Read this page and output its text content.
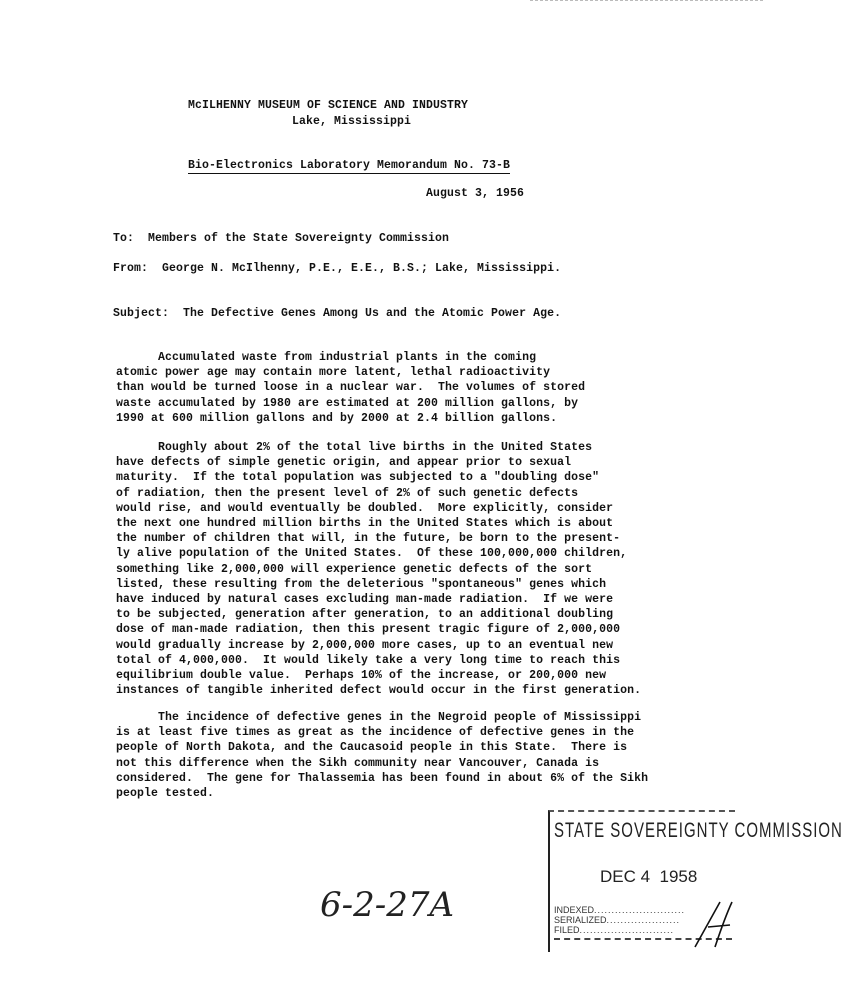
McILHENNY MUSEUM OF SCIENCE AND INDUSTRY
Lake, Mississippi
Bio-Electronics Laboratory Memorandum No. 73-B
August 3, 1956
To:  Members of the State Sovereignty Commission
From:  George N. McIlhenny, P.E., E.E., B.S.; Lake, Mississippi.
Subject:  The Defective Genes Among Us and the Atomic Power Age.
Accumulated waste from industrial plants in the coming
atomic power age may contain more latent, lethal radioactivity
than would be turned loose in a nuclear war.  The volumes of stored
waste accumulated by 1980 are estimated at 200 million gallons, by
1990 at 600 million gallons and by 2000 at 2.4 billion gallons.
Roughly about 2% of the total live births in the United States
have defects of simple genetic origin, and appear prior to sexual
maturity.  If the total population was subjected to a "doubling dose"
of radiation, then the present level of 2% of such genetic defects
would rise, and would eventually be doubled.  More explicitly, consider
the next one hundred million births in the United States which is about
the number of children that will, in the future, be born to the present-
ly alive population of the United States.  Of these 100,000,000 children,
something like 2,000,000 will experience genetic defects of the sort
listed, these resulting from the deleterious "spontaneous" genes which
have induced by natural cases excluding man-made radiation.  If we were
to be subjected, generation after generation, to an additional doubling
dose of man-made radiation, then this present tragic figure of 2,000,000
would gradually increase by 2,000,000 more cases, up to an eventual new
total of 4,000,000.  It would likely take a very long time to reach this
equilibrium double value.  Perhaps 10% of the increase, or 200,000 new
instances of tangible inherited defect would occur in the first generation.
The incidence of defective genes in the Negroid people of Mississippi
is at least five times as great as the incidence of defective genes in the
people of North Dakota, and the Caucasoid people in this State.  There is
not this difference when the Sikh community near Vancouver, Canada is
considered.  The gene for Thalassemia has been found in about 6% of the Sikh
people tested.
STATE SOVEREIGNTY COMMISSION
DEC 4  1958
INDEXED..........................
SERIALIZED.....................
FILED...........................
6-2-27A
